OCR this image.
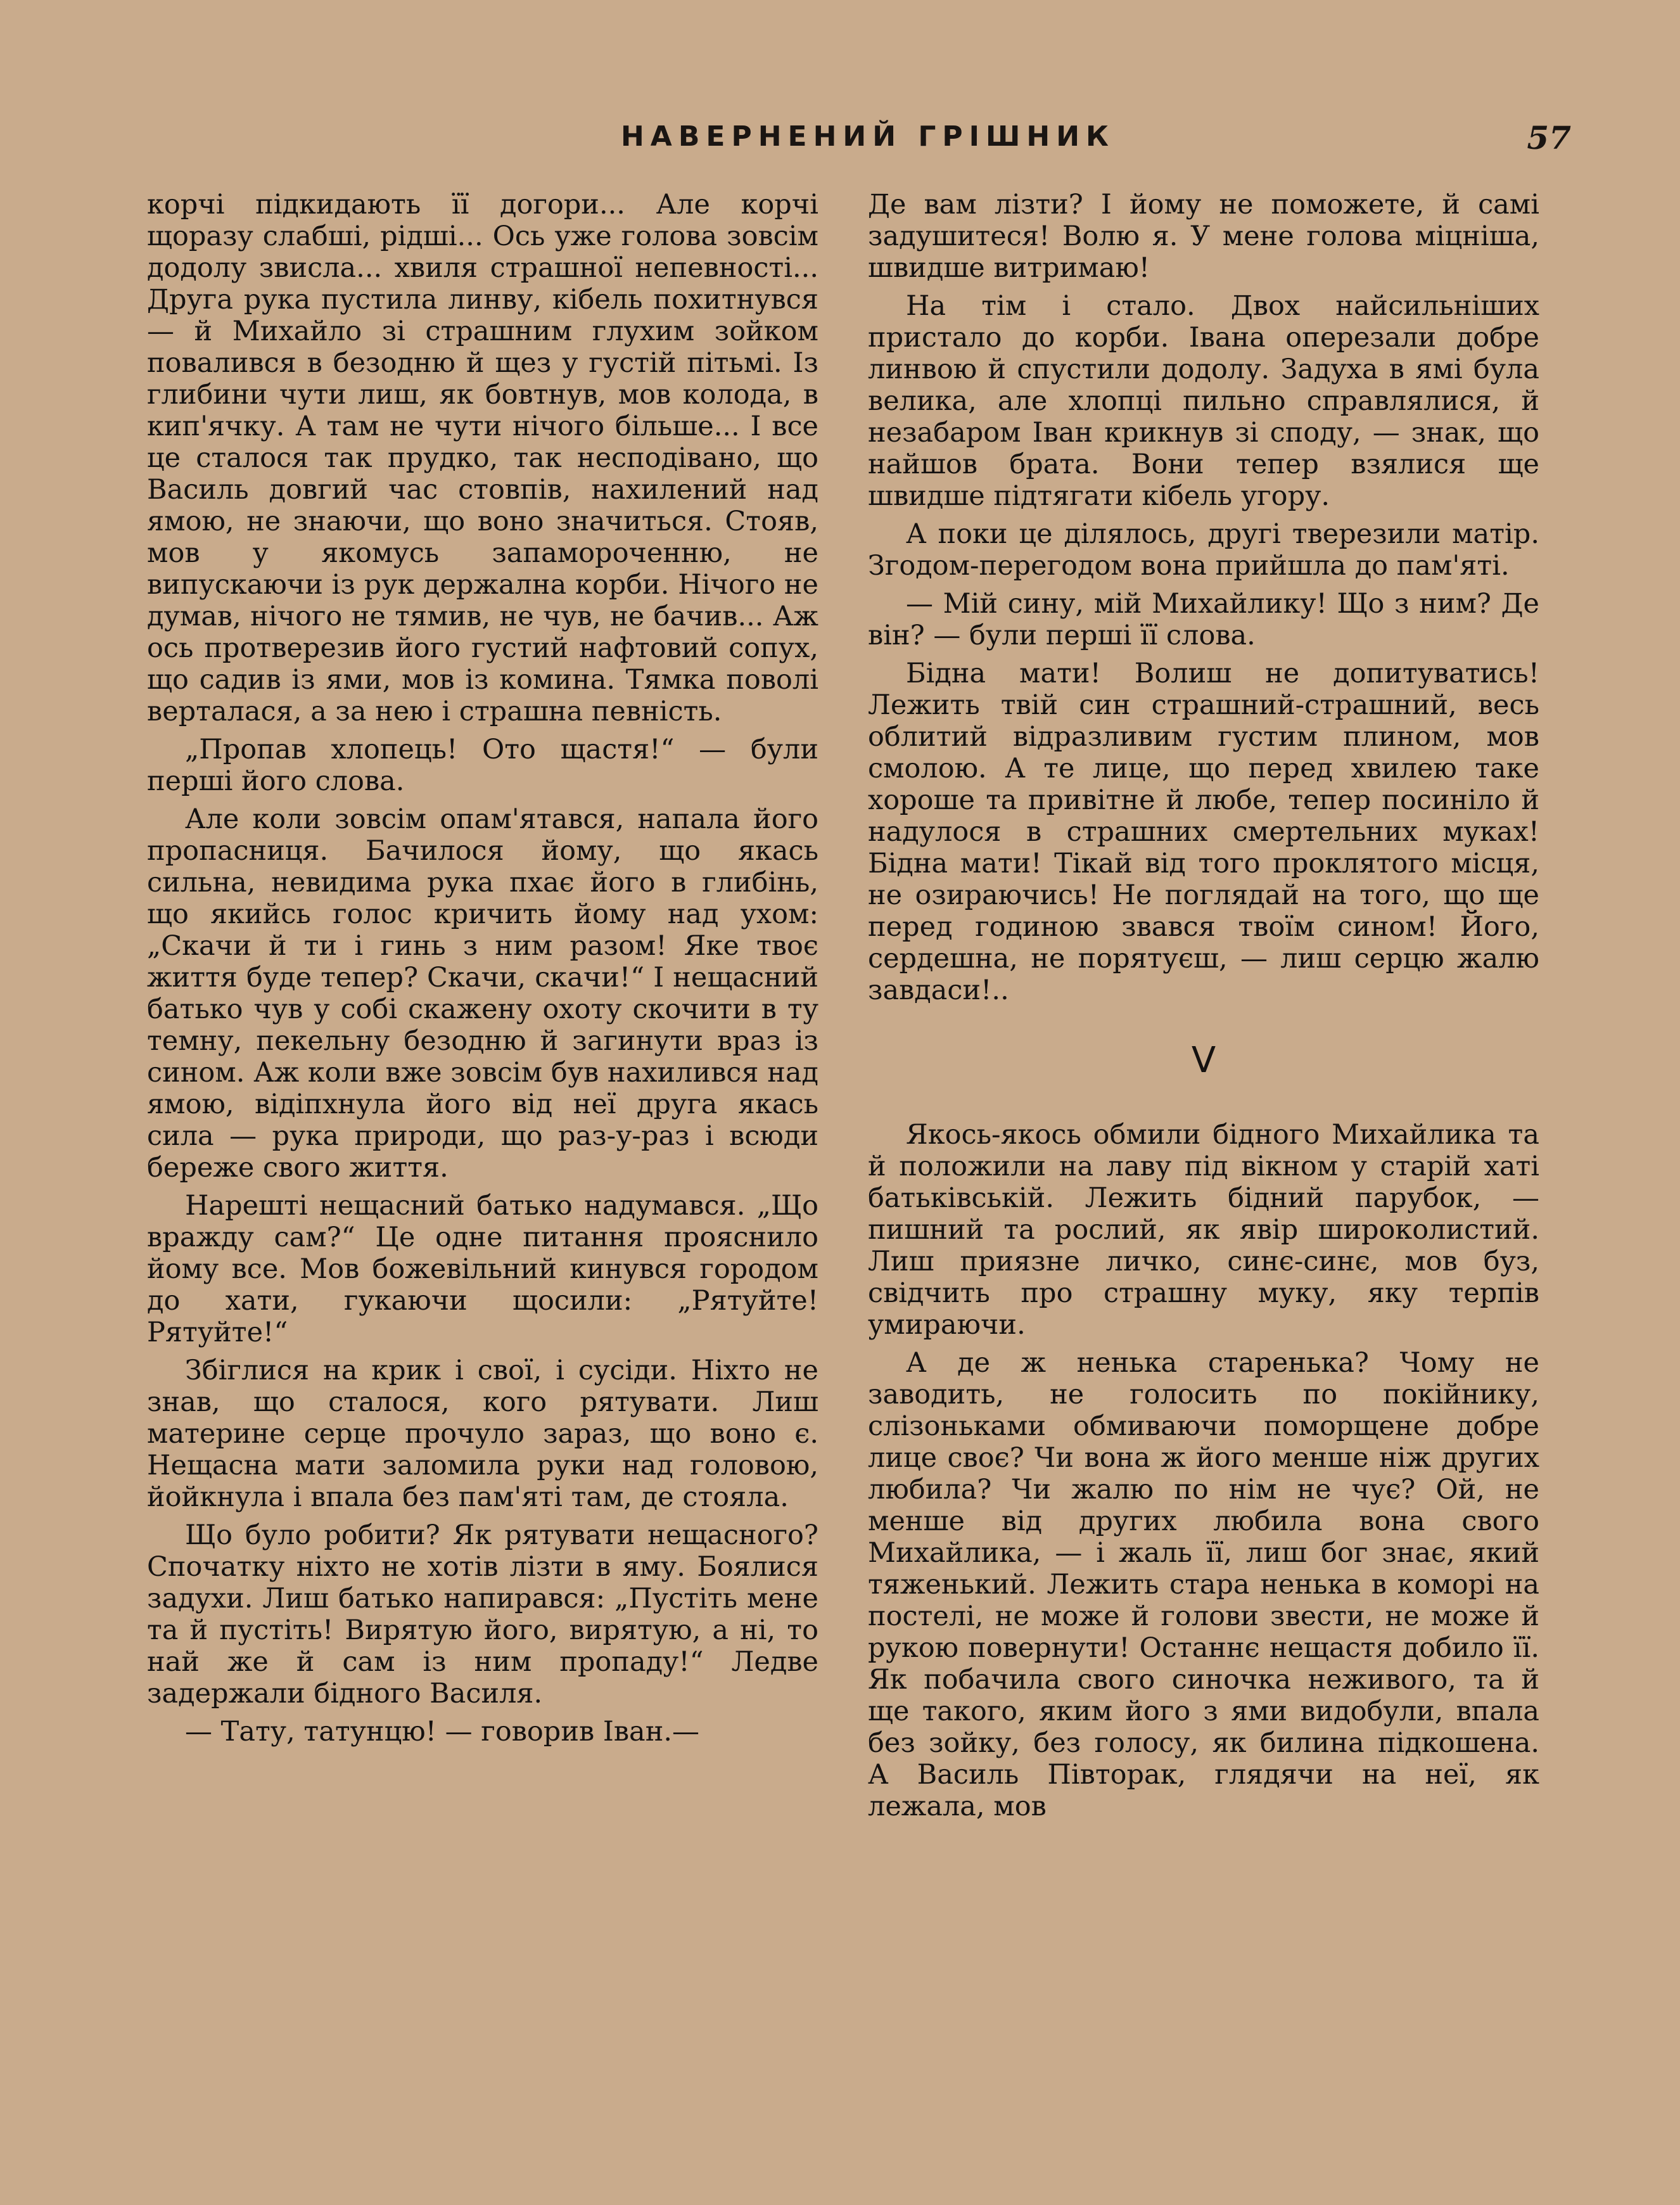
НАВЕРНЕНИЙ ГРІШНИК	57

корчі підкидають її догори... Але корчі щоразу слабші, рідші... Ось уже голова зовсім додолу звисла... хвиля страшної непевності... Друга рука пустила линву, кібель похитнувся — й Михайло зі страшним глухим зойком повалився в безодню й щез у густій пітьмі. Із глибини чути лиш, як бовтнув, мов колода, в кип'ячку. А там не чути нічого більше... І все це сталося так прудко, так несподівано, що Василь довгий час стовпів, нахилений над ямою, не знаючи, що воно значиться. Стояв, мов у якомусь запамороченню, не випускаючи із рук держална корби. Нічого не думав, нічого не тямив, не чув, не бачив... Аж ось протверезив його густий нафтовий сопух, що садив із ями, мов із комина. Тямка поволі верталася, а за нею і страшна певність.

„Пропав хлопець! Ото щастя!“ — були перші його слова.

Але коли зовсім опам'ятався, напала його пропасниця. Бачилося йому, що якась сильна, невидима рука пхає його в глибінь, що якийсь голос кричить йому над ухом: „Скачи й ти і гинь з ним разом! Яке твоє життя буде тепер? Скачи, скачи!“ І нещасний батько чув у собі скажену охоту скочити в ту темну, пекельну безодню й загинути враз із сином. Аж коли вже зовсім був нахилився над ямою, відіпхнула його від неї друга якась сила — рука природи, що раз-у-раз і всюди береже свого життя.

Нарешті нещасний батько надумався. „Що вражду сам?“ Це одне питання прояснило йому все. Мов божевільний кинувся городом до хати, гукаючи щосили: „Рятуйте! Рятуйте!“

Збіглися на крик і свої, і сусіди. Ніхто не знав, що сталося, кого рятувати. Лиш материне серце прочуло зараз, що воно є. Нещасна мати заломила руки над головою, йойкнула і впала без пам'яті там, де стояла.

Що було робити? Як рятувати нещасного? Спочатку ніхто не хотів лізти в яму. Боялися задухи. Лиш батько напирався: „Пустіть мене та й пустіть! Вирятую його, вирятую, а ні, то най же й сам із ним пропаду!“ Ледве задержали бідного Василя.

— Тату, татунцю! — говорив Іван.—

Де вам лізти? І йому не поможете, й самі задушитеся! Волю я. У мене голова міцніша, швидше витримаю!

На тім і стало. Двох найсильніших пристало до корби. Івана оперезали добре линвою й спустили додолу. Задуха в ямі була велика, але хлопці пильно справлялися, й незабаром Іван крикнув зі споду, — знак, що найшов брата. Вони тепер взялися ще швидше підтягати кібель угору.

А поки це ділялось, другі тверезили матір. Згодом-перегодом вона прийшла до пам'яті.

— Мій сину, мій Михайлику! Що з ним? Де він? — були перші її слова.

Бідна мати! Волиш не допитуватись! Лежить твій син страшний-страшний, весь облитий відразливим густим плином, мов смолою. А те лице, що перед хвилею таке хороше та привітне й любе, тепер посиніло й надулося в страшних смертельних муках! Бідна мати! Тікай від того проклятого місця, не озираючись! Не поглядай на того, що ще перед годиною звався твоїм сином! Його, сердешна, не порятуєш, — лиш серцю жалю завдаси!..

V

Якось-якось обмили бідного Михайлика та й положили на лаву під вікном у старій хаті батьківській. Лежить бідний парубок, — пишний та рослий, як явір широколистий. Лиш приязне личко, синє-синє, мов буз, свідчить про страшну муку, яку терпів умираючи.

А де ж ненька старенька? Чому не заводить, не голосить по покійнику, слізоньками обмиваючи поморщене добре лице своє? Чи вона ж його менше ніж других любила? Чи жалю по нім не чує? Ой, не менше від других любила вона свого Михайлика, — і жаль її, лиш бог знає, який тяженький. Лежить стара ненька в коморі на постелі, не може й голови звести, не може й рукою повернути! Останнє нещастя добило її. Як побачила свого синочка неживого, та й ще такого, яким його з ями видобули, впала без зойку, без голосу, як билина підкошена. А Василь Півторак, глядячи на неї, як лежала, мов
